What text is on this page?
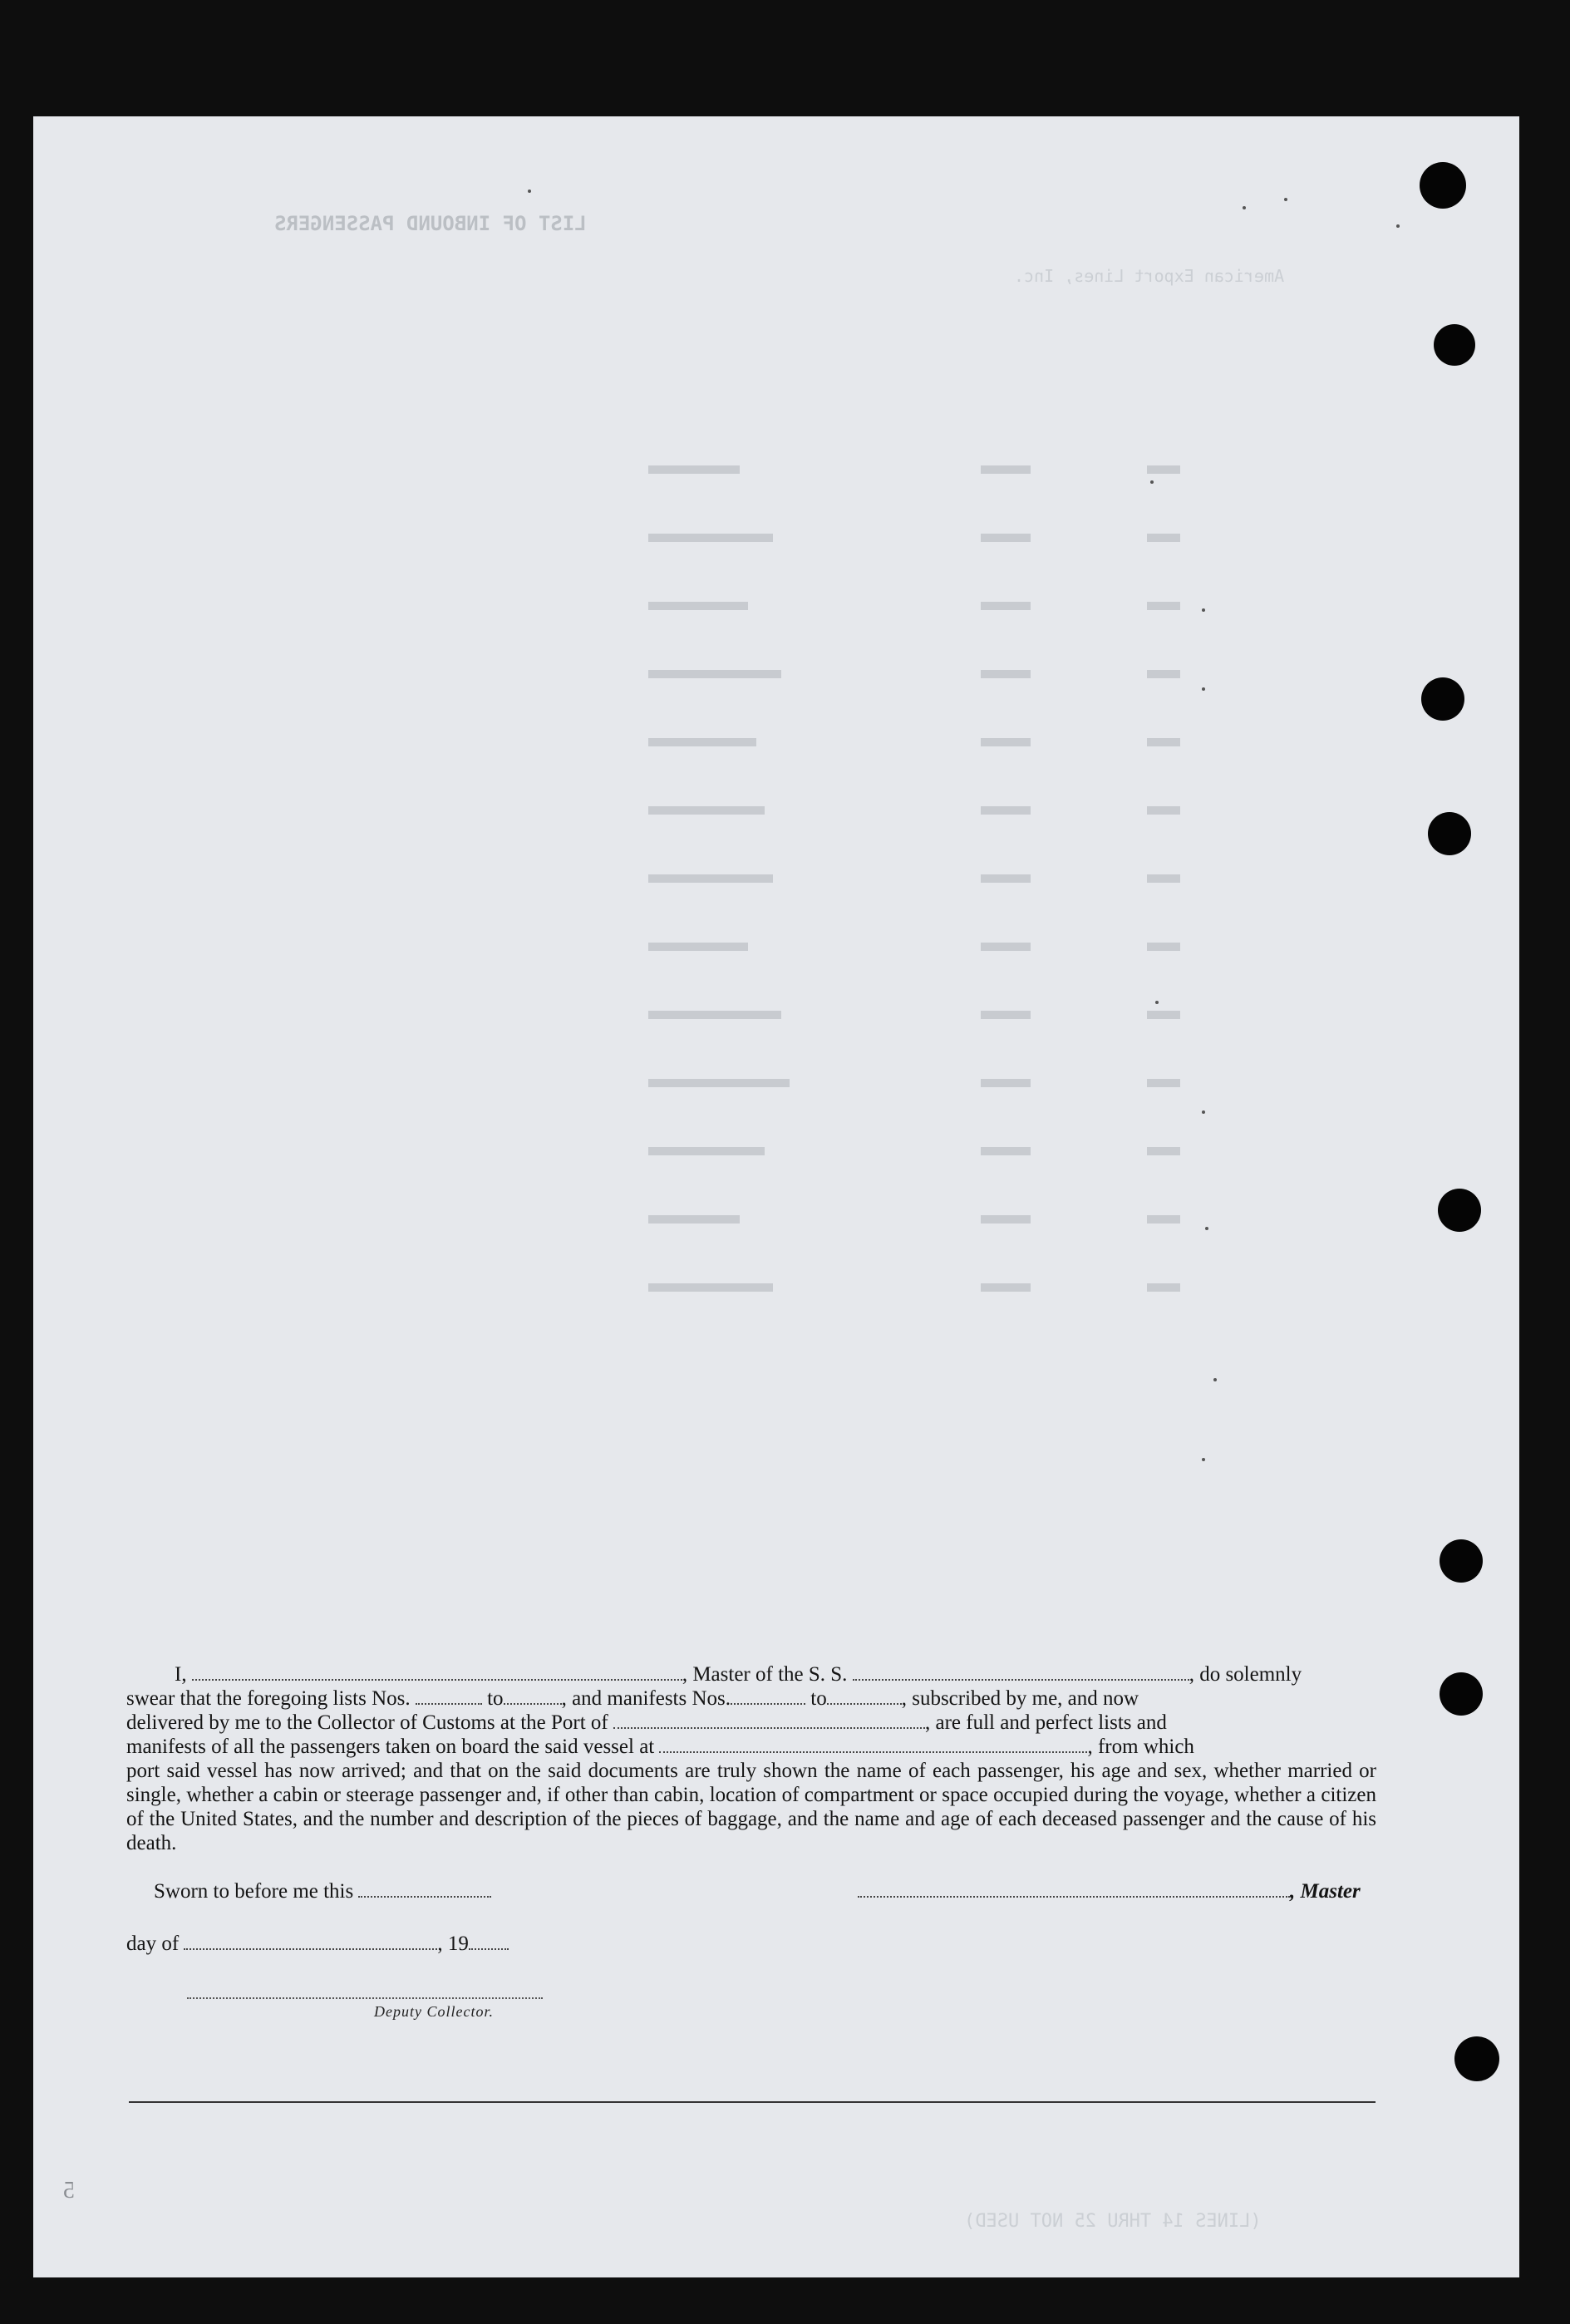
LIST OF INBOUND PASSENGERS
American Export Lines, Inc.
(LINES 14 THRU 25 NOT USED)
5

I,	, Master of the S. S.	, do solemnly

swear that the foregoing lists Nos.	to	, and manifests Nos.	to	, subscribed by me, and now

delivered by me to the Collector of Customs at the Port of	, are full and perfect lists and

manifests of all the passengers taken on board the said vessel at	, from which

port said vessel has now arrived; and that on the said documents are truly shown the name of each passenger, his age and sex, whether married or single, whether a cabin or steerage passenger and, if other than cabin, location of compartment or space occupied during the voyage, whether a citizen of the United States, and the number and description of the pieces of baggage, and the name and age of each deceased passenger and the cause of his death.

Sworn to before me this	, Master
day of	, 19
Deputy Collector.
